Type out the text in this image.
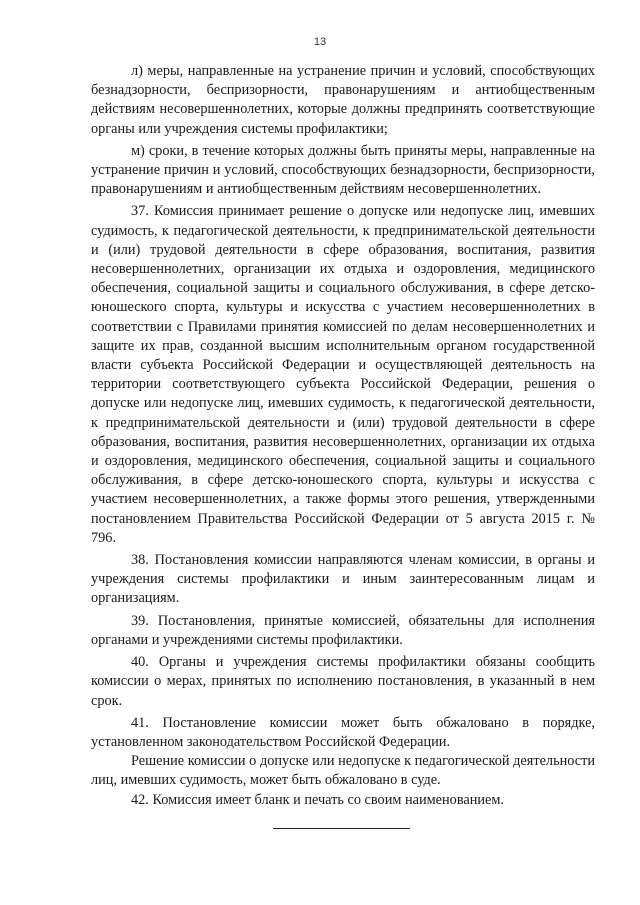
13

л) меры, направленные на устранение причин и условий, способствующих безнадзорности, беспризорности, правонарушениям и антиобщественным действиям несовершеннолетних, которые должны предпринять соответствующие органы или учреждения системы профилактики;

м) сроки, в течение которых должны быть приняты меры, направленные на устранение причин и условий, способствующих безнадзорности, беспризорности, правонарушениям и антиобщественным действиям несовершеннолетних.

37. Комиссия принимает решение о допуске или недопуске лиц, имевших судимость, к педагогической деятельности, к предпринимательской деятельности и (или) трудовой деятельности в сфере образования, воспитания, развития несовершеннолетних, организации их отдыха и оздоровления, медицинского обеспечения, социальной защиты и социального обслуживания, в сфере детско-юношеского спорта, культуры и искусства с участием несовершеннолетних в соответствии с Правилами принятия комиссией по делам несовершеннолетних и защите их прав, созданной высшим исполнительным органом государственной власти субъекта Российской Федерации и осуществляющей деятельность на территории соответствующего субъекта Российской Федерации, решения о допуске или недопуске лиц, имевших судимость, к педагогической деятельности, к предпринимательской деятельности и (или) трудовой деятельности в сфере образования, воспитания, развития несовершеннолетних, организации их отдыха и оздоровления, медицинского обеспечения, социальной защиты и социального обслуживания, в сфере детско-юношеского спорта, культуры и искусства с участием несовершеннолетних, а также формы этого решения, утвержденными постановлением Правительства Российской Федерации от 5 августа 2015 г. № 796.

38. Постановления комиссии направляются членам комиссии, в органы и учреждения системы профилактики и иным заинтересованным лицам и организациям.

39. Постановления, принятые комиссией, обязательны для исполнения органами и учреждениями системы профилактики.

40. Органы и учреждения системы профилактики обязаны сообщить комиссии о мерах, принятых по исполнению постановления, в указанный в нем срок.

41. Постановление комиссии может быть обжаловано в порядке, установленном законодательством Российской Федерации.

Решение комиссии о допуске или недопуске к педагогической деятельности лиц, имевших судимость, может быть обжаловано в суде.

42. Комиссия имеет бланк и печать со своим наименованием.
